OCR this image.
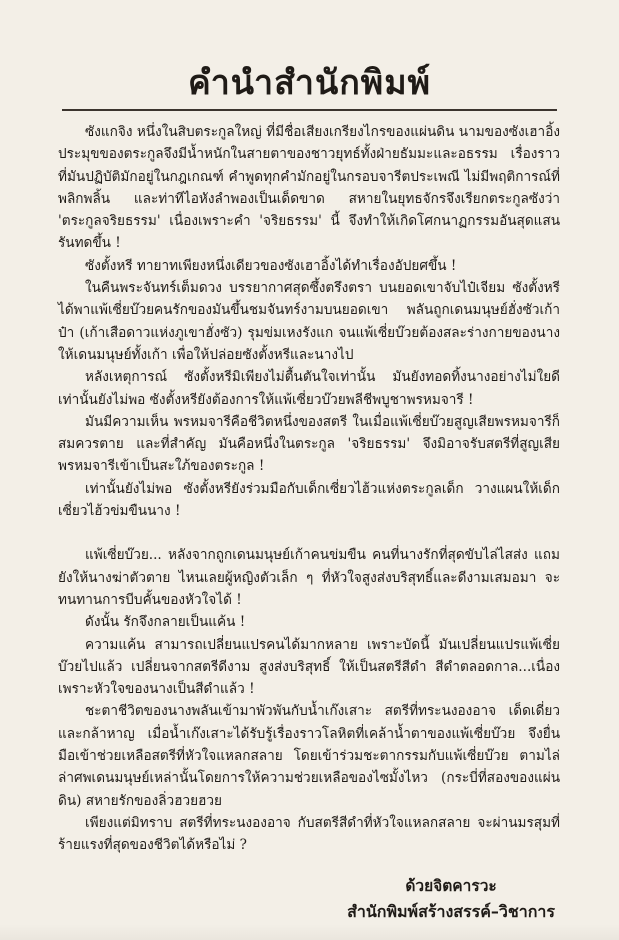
คำนำสำนักพิมพ์

ซังแกจิง หนึ่งในสิบตระกูลใหญ่ ที่มีชื่อเสียงเกรียงไกรของแผ่นดิน นามของซังเฮาอิ้ง ประมุขของตระกูลจึงมีน้ำหนักในสายตาของชาวยุทธ์ทั้งฝ่ายธัมมะและอธรรม เรื่องราวที่มันปฏิบัติมักอยู่ในกฎเกณฑ์ คำพูดทุกคำมักอยู่ในกรอบจารีตประเพณี ไม่มีพฤติการณ์ที่พลิกพลิ้น และท่าทีไอหังลำพองเป็นเด็ดขาด สหายในยุทธจักรจึงเรียกตระกูลซังว่า 'ตระกูลจริยธรรม' เนื่องเพราะคำ 'จริยธรรม' นี้ จึงทำให้เกิดโศกนาฏกรรมอันสุดแสนรันทดขึ้น !

ซังตั้งหรี ทายาทเพียงหนึ่งเดียวของซังเฮาอิ้งได้ทำเรื่องอัปยศขึ้น !

ในคืนพระจันทร์เต็มดวง บรรยากาศสุดซึ้งตรึงตรา บนยอดเขาจับไป๋เจียม ซังตั้งหรีได้พาแพ้เซี่ยบ๊วยคนรักของมันขึ้นชมจันทร์งามบนยอดเขา พลันถูกเดนมนุษย์ฮั่งซัวเก้าป๋า (เก้าเสือดาวแห่งภูเขาฮั่งซัว) รุมข่มเหงรังแก จนแพ้เซี่ยบ๊วยต้องสละร่างกายของนางให้เดนมนุษย์ทั้งเก้า เพื่อให้ปล่อยซังตั้งหรีและนางไป

หลังเหตุการณ์ ซังตั้งหรีมิเพียงไม่ตื้นตันใจเท่านั้น มันยังทอดทิ้งนางอย่างไม่ใยดี เท่านั้นยังไม่พอ ซังตั้งหรียังต้องการให้แพ้เซี่ยวบ๊วยพลีชีพบูชาพรหมจารี !

มันมีความเห็น พรหมจารีคือชีวิตหนึ่งของสตรี ในเมื่อแพ้เซี่ยบ๊วยสูญเสียพรหมจารีก็สมควรตาย และที่สำคัญ มันคือหนึ่งในตระกูล 'จริยธรรม' จึงมิอาจรับสตรีที่สูญเสียพรหมจารีเข้าเป็นสะใภ้ของตระกูล !

เท่านั้นยังไม่พอ ซังตั้งหรียังร่วมมือกับเด็กเซี่ยวไฮ้วแห่งตระกูลเด็ก วางแผนให้เด็กเซี่ยวไฮ้วข่มขืนนาง !

แพ้เซี่ยบ๊วย... หลังจากถูกเดนมนุษย์เก้าคนข่มขืน คนที่นางรักที่สุดขับไล่ไสส่ง แถมยังให้นางฆ่าตัวตาย ไหนเลยผู้หญิงตัวเล็ก ๆ ที่หัวใจสูงส่งบริสุทธิ์และดีงามเสมอมา จะทนทานการบีบคั้นของหัวใจได้ !

ดังนั้น รักจึงกลายเป็นแค้น !

ความแค้น สามารถเปลี่ยนแปรคนได้มากหลาย เพราะบัดนี้ มันเปลี่ยนแปรแพ้เซี่ยบ๊วยไปแล้ว เปลี่ยนจากสตรีดีงาม สูงส่งบริสุทธิ์ ให้เป็นสตรีสีดำ สีดำตลอดกาล...เนื่องเพราะหัวใจของนางเป็นสีดำแล้ว !

ชะตาชีวิตของนางพลันเข้ามาพัวพันกับน้ำเก๊งเสาะ สตรีที่ทระนงองอาจ เด็ดเดี่ยวและกล้าหาญ เมื่อน้ำเก๊งเสาะได้รับรู้เรื่องราวโลหิตที่เคล้าน้ำตาของแพ้เซี่ยบ๊วย จึงยื่นมือเข้าช่วยเหลือสตรีที่หัวใจแหลกสลาย โดยเข้าร่วมชะตากรรมกับแพ้เซี่ยบ๊วย ตามไล่ล่าศพเดนมนุษย์เหล่านั้นโดยการให้ความช่วยเหลือของไซมั้งไหว (กระบี่ที่สองของแผ่นดิน) สหายรักของลิ่วฮวยฮวย

เพียงแต่มิทราบ สตรีที่ทระนงองอาจ กับสตรีสีดำที่หัวใจแหลกสลาย จะผ่านมรสุมที่ร้ายแรงที่สุดของชีวิตได้หรือไม่ ?

ด้วยจิตคารวะ
สำนักพิมพ์สร้างสรรค์–วิชาการ
